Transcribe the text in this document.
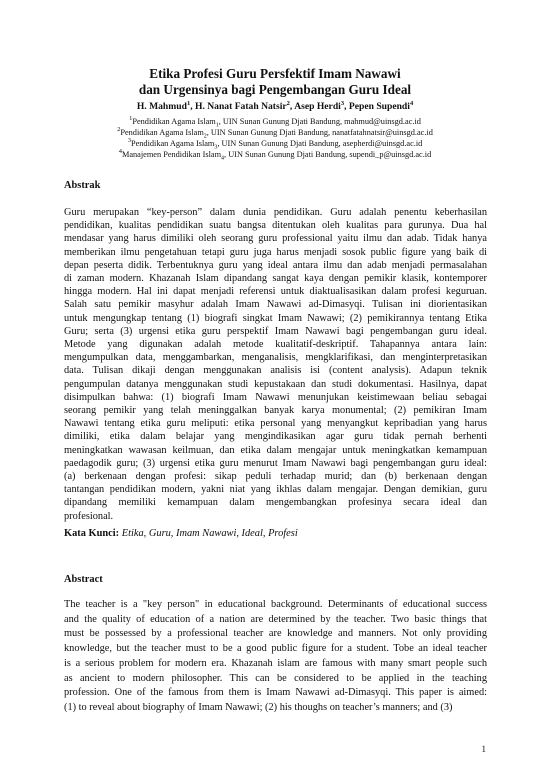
Etika Profesi Guru Persfektif Imam Nawawi
dan Urgensinya bagi Pengembangan Guru Ideal
H. Mahmud$^1$, H. Nanat Fatah Natsir$^2$, Asep Herdi$^3$, Pepen Supendi$^4$
$^1$Pendidikan Agama Islam$_1$, UIN Sunan Gunung Djati Bandung, mahmud@uinsgd.ac.id
$^2$Pendidikan Agama Islam$_2$, UIN Sunan Gunung Djati Bandung, nanatfatahnatsir@uinsgd.ac.id
$^3$Pendidikan Agama Islam$_3$, UIN Sunan Gunung Djati Bandung, asepherdi@uinsgd.ac.id
$^4$Manajemen Pendidikan Islam$_4$, UIN Sunan Gunung Djati Bandung, supendi_p@uinsgd.ac.id
Abstrak
Guru merupakan “key-person” dalam dunia pendidikan. Guru adalah penentu keberhasilan
pendidikan, kualitas pendidikan suatu bangsa ditentukan oleh kualitas para gurunya. Dua hal
mendasar yang harus dimiliki oleh seorang guru professional yaitu ilmu dan adab. Tidak hanya
memberikan ilmu pengetahuan tetapi guru juga harus menjadi sosok public figure yang baik di
depan peserta didik. Terbentuknya guru yang ideal antara ilmu dan adab menjadi permasalahan
di zaman modern. Khazanah Islam dipandang sangat kaya dengan pemikir klasik, kontemporer
hingga modern. Hal ini dapat menjadi referensi untuk diaktualisasikan dalam profesi keguruan.
Salah satu pemikir masyhur adalah Imam Nawawi ad-Dimasyqi. Tulisan ini diorientasikan
untuk mengungkap tentang (1) biografi singkat Imam Nawawi; (2) pemikirannya tentang Etika
Guru; serta (3) urgensi etika guru perspektif Imam Nawawi bagi pengembangan guru ideal.
Metode yang digunakan adalah metode kualitatif-deskriptif. Tahapannya antara lain:
mengumpulkan data, menggambarkan, menganalisis, mengklarifikasi, dan menginterpretasikan
data. Tulisan dikaji dengan menggunakan analisis isi (content analysis). Adapun teknik
pengumpulan datanya menggunakan studi kepustakaan dan studi dokumentasi. Hasilnya, dapat
disimpulkan bahwa: (1) biografi Imam Nawawi menunjukan keistimewaan beliau sebagai
seorang pemikir yang telah meninggalkan banyak karya monumental; (2) pemikiran Imam
Nawawi tentang etika guru meliputi: etika personal yang menyangkut kepribadian yang harus
dimiliki, etika dalam belajar yang mengindikasikan agar guru tidak pernah berhenti
meningkatkan wawasan keilmuan, dan etika dalam mengajar untuk meningkatkan kemampuan
paedagodik guru; (3) urgensi etika guru menurut Imam Nawawi bagi pengembangan guru ideal:
(a) berkenaan dengan profesi: sikap peduli terhadap murid; dan (b) berkenaan dengan
tantangan pendidikan modern, yakni niat yang ikhlas dalam mengajar. Dengan demikian, guru
dipandang memiliki kemampuan dalam mengembangkan profesinya secara ideal dan
profesional.
Kata Kunci: Etika, Guru, Imam Nawawi, Ideal, Profesi
Abstract
The teacher is a "key person" in educational background. Determinants of educational success
and the quality of education of a nation are determined by the teacher. Two basic things that
must be possessed by a professional teacher are knowledge and manners. Not only providing
knowledge, but the teacher must to be a good public figure for a student. Tobe an ideal teacher
is a serious problem for modern era. Khazanah islam are famous with many smart people such
as ancient to modern philosopher. This can be considered to be applied in the teaching
profession. One of the famous from them is Imam Nawawi ad-Dimasyqi. This paper is aimed:
(1) to reveal about biography of Imam Nawawi; (2) his thoughs on teacher’s manners; and (3)
1
